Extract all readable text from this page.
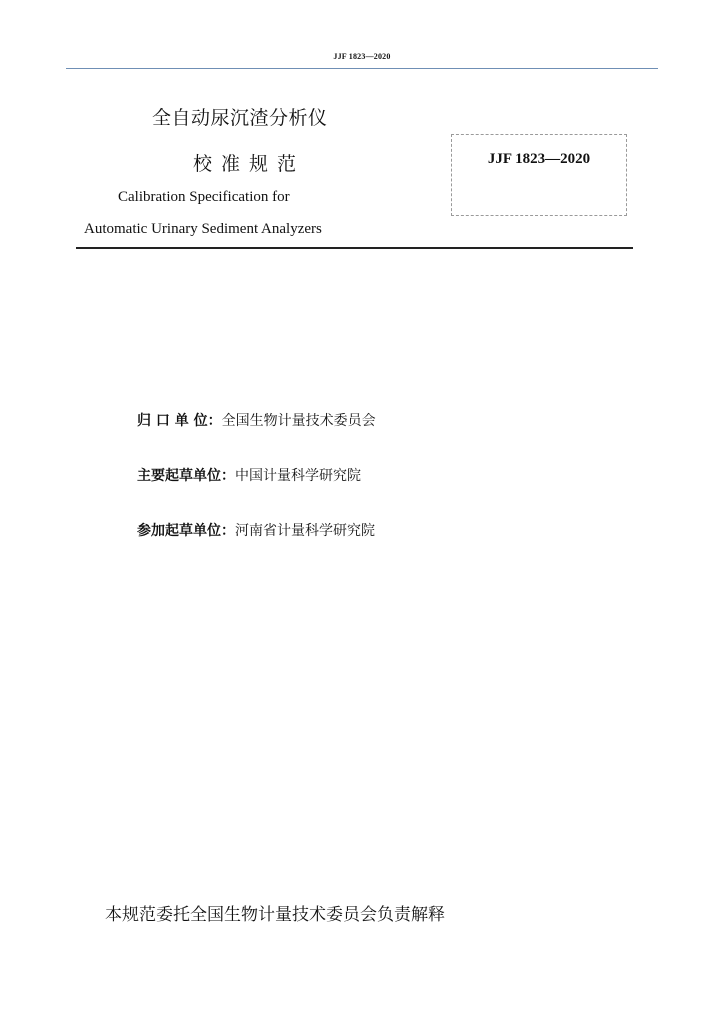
JJF 1823—2020
全自动尿沉渣分析仪
校准规范
Calibration Specification for
Automatic Urinary Sediment Analyzers
JJF 1823—2020
归 口 单 位：全国生物计量技术委员会
主要起草单位：中国计量科学研究院
参加起草单位：河南省计量科学研究院
本规范委托全国生物计量技术委员会负责解释
